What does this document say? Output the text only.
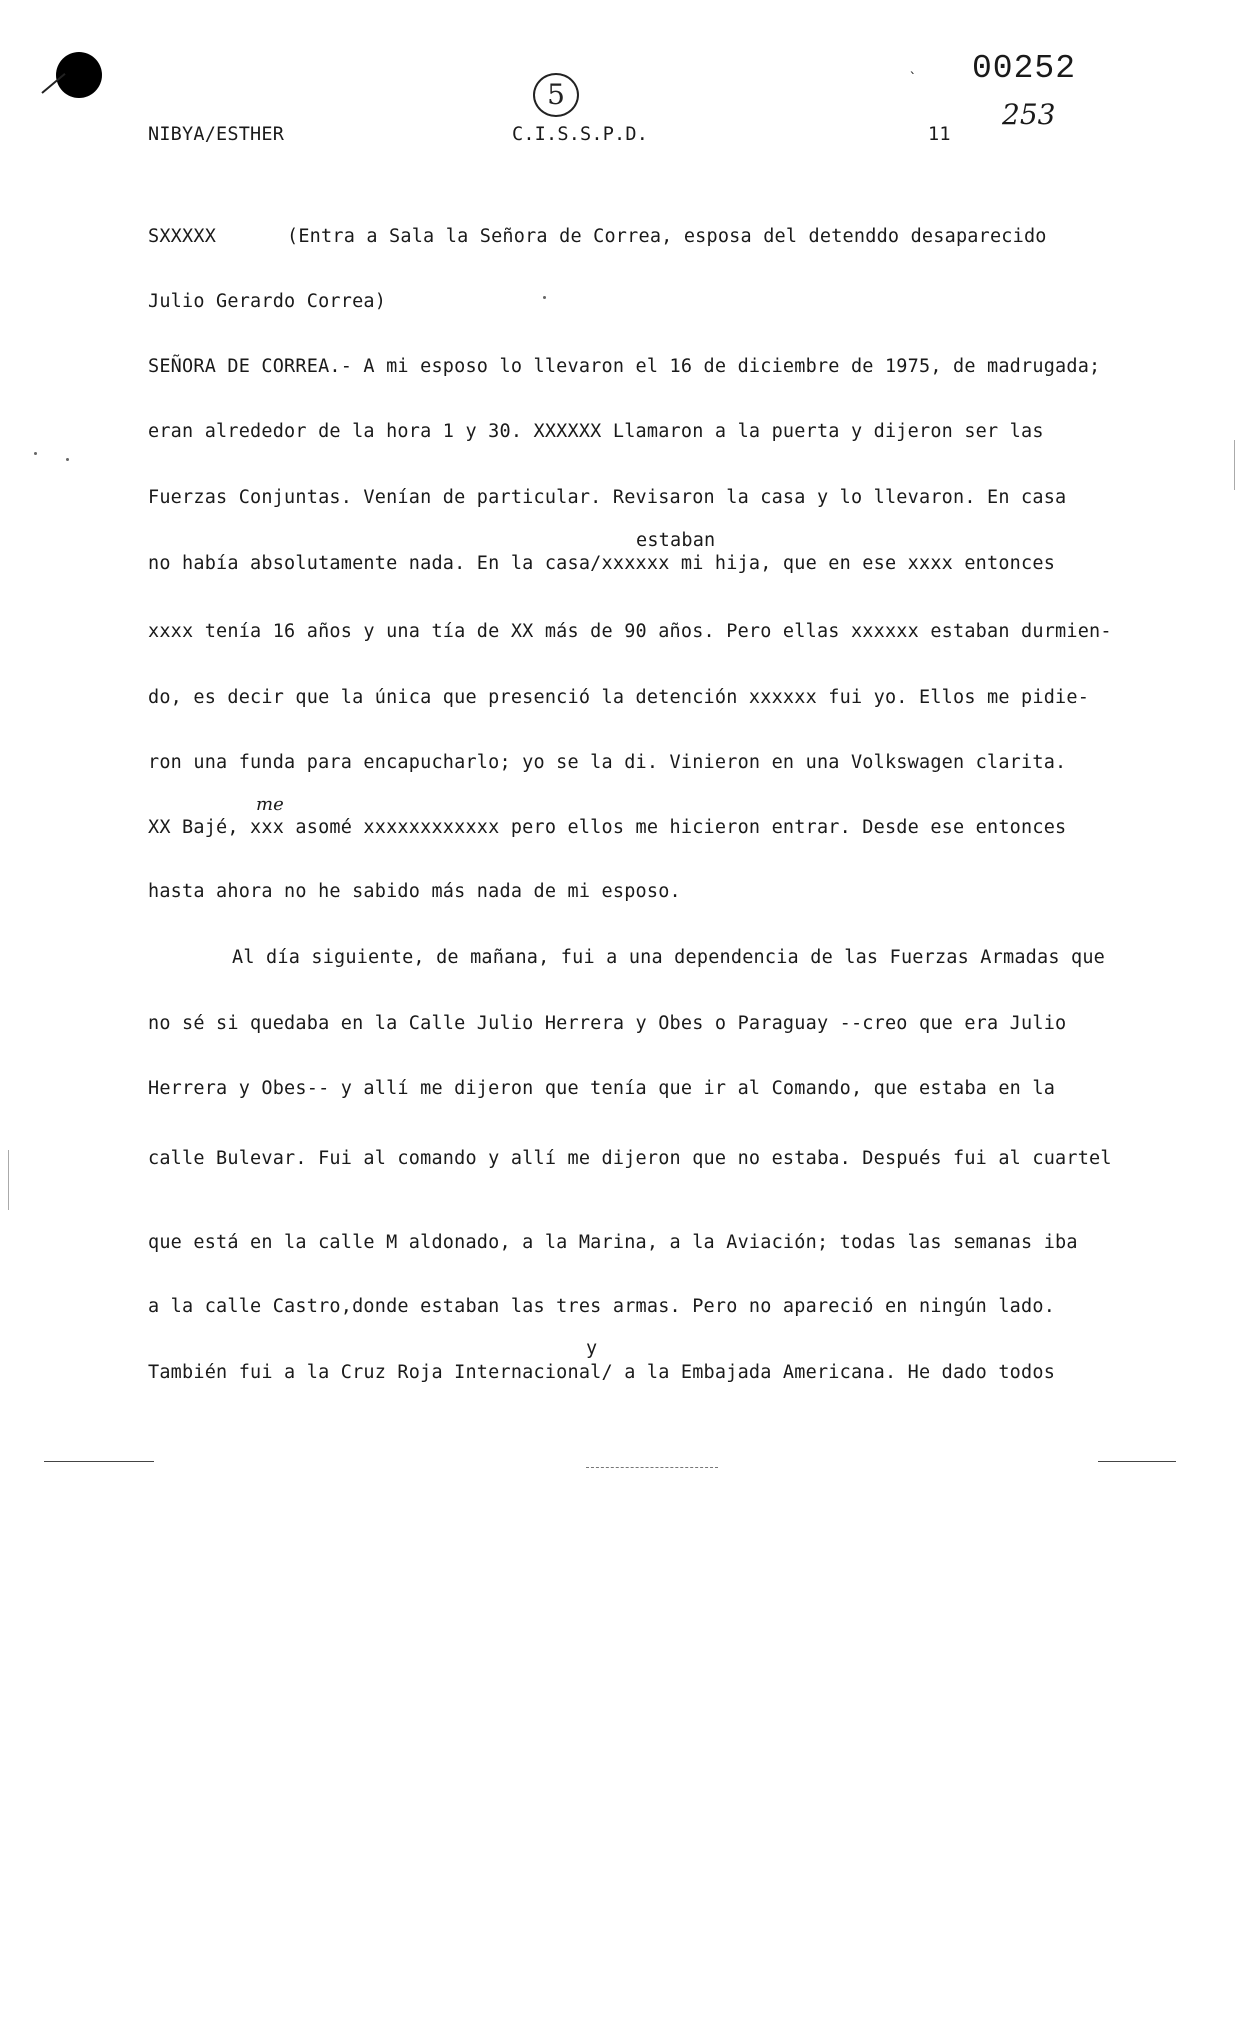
NIBYA/ESTHER
5
C.I.S.S.P.D.	11
ˎ 00252
253
SXXXXX	(Entra a Sala la Señora de Correa, esposa del detenddo desaparecido
Julio Gerardo Correa)
SEÑORA DE CORREA.- A mi esposo lo llevaron el 16 de diciembre de 1975, de madrugada;
eran alrededor de la hora 1 y 30. XXXXXX Llamaron a la puerta y dijeron ser las
Fuerzas Conjuntas. Venían de particular. Revisaron la casa y lo llevaron. En casa
estaban
no había absolutamente nada. En la casa/xxxxxx mi hija, que en ese xxxx entonces
xxxx tenía 16 años y una tía de XX más de 90 años. Pero ellas xxxxxx estaban durmien-
do, es decir que la única que presenció la detención xxxxxx fui yo. Ellos me pidie-
ron una funda para encapucharlo; yo se la di. Vinieron en una Volkswagen clarita.
me
XX Bajé, xxx asomé xxxxxxxxxxxx pero ellos me hicieron entrar. Desde ese entonces
hasta ahora no he sabido más nada de mi esposo.
Al día siguiente, de mañana, fui a una dependencia de las Fuerzas Armadas que
no sé si quedaba en la Calle Julio Herrera y Obes o Paraguay --creo que era Julio
Herrera y Obes-- y allí me dijeron que tenía que ir al Comando, que estaba en la
calle Bulevar. Fui al comando y allí me dijeron que no estaba. Después fui al cuartel
que está en la calle M aldonado, a la Marina, a la Aviación; todas las semanas iba
a la calle Castro,donde estaban las tres armas. Pero no apareció en ningún lado.
y
También fui a la Cruz Roja Internacional/ a la Embajada Americana. He dado todos
